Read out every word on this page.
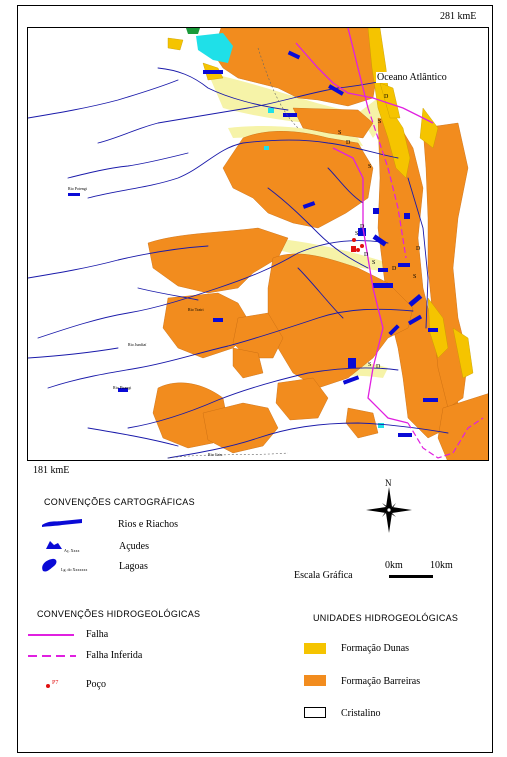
281 kmE
181 kmE
D
S
S
D
S
D
S
D
S
D
D
S
S D
Rio Potengi
Rio Trairi
Rio Jundiaí
Rio Pirangi
Rio Catu
Oceano Atlântico
CONVENÇÕES CARTOGRÁFICAS
Rios e Riachos
Aç. Xxxx	Açudes
Lg. do Xxxxxxx	Lagoas
N
Escala Gráfica
0km	10km
CONVENÇÕES HIDROGEOLÓGICAS
Falha
Falha Inferida
P7	Poço
UNIDADES HIDROGEOLÓGICAS
Formação Dunas
Formação Barreiras
Cristalino
